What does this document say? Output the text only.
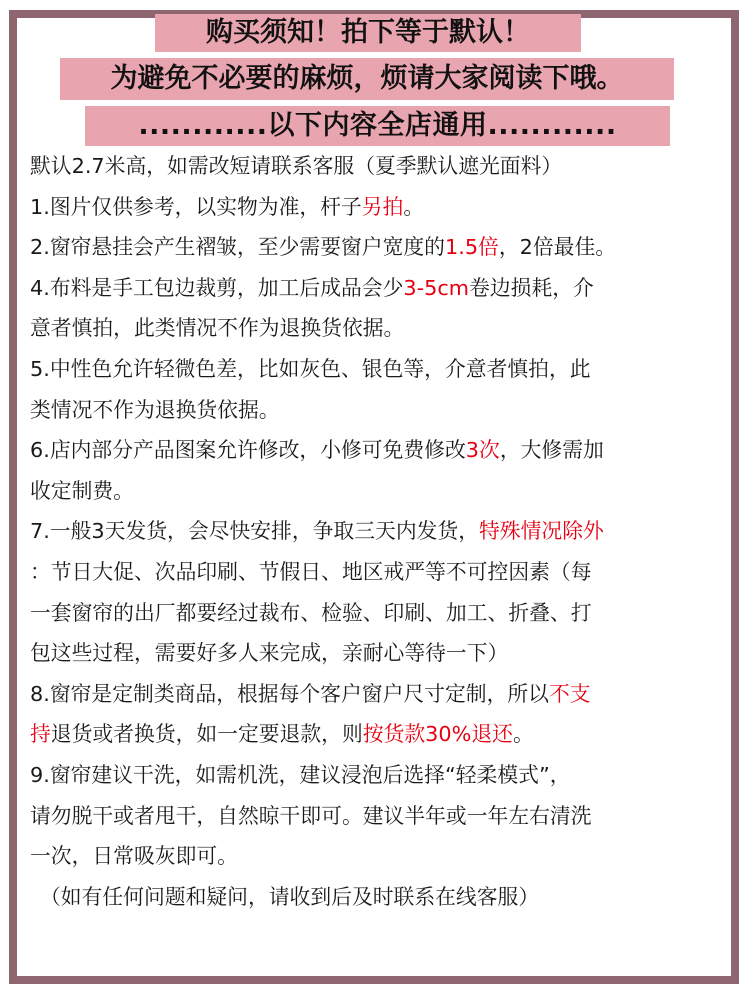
购买须知！拍下等于默认！
为避免不必要的麻烦，烦请大家阅读下哦。
............以下内容全店通用............
默认2.7米高，如需改短请联系客服（夏季默认遮光面料）
1.图片仅供参考，以实物为准，杆子另拍。
2.窗帘悬挂会产生褶皱，至少需要窗户宽度的1.5倍，2倍最佳。
4.布料是手工包边裁剪，加工后成品会少3-5cm卷边损耗，介
意者慎拍，此类情况不作为退换货依据。
5.中性色允许轻微色差，比如灰色、银色等，介意者慎拍，此
类情况不作为退换货依据。
6.店内部分产品图案允许修改，小修可免费修改3次，大修需加
收定制费。
7.一般3天发货，会尽快安排，争取三天内发货，特殊情况除外
：节日大促、次品印刷、节假日、地区戒严等不可控因素（每
一套窗帘的出厂都要经过裁布、检验、印刷、加工、折叠、打
包这些过程，需要好多人来完成，亲耐心等待一下）
8.窗帘是定制类商品，根据每个客户窗户尺寸定制，所以不支
持退货或者换货，如一定要退款，则按货款30%退还。
9.窗帘建议干洗，如需机洗，建议浸泡后选择“轻柔模式”，
请勿脱干或者甩干，自然晾干即可。建议半年或一年左右清洗
一次，日常吸灰即可。
（如有任何问题和疑问，请收到后及时联系在线客服）
